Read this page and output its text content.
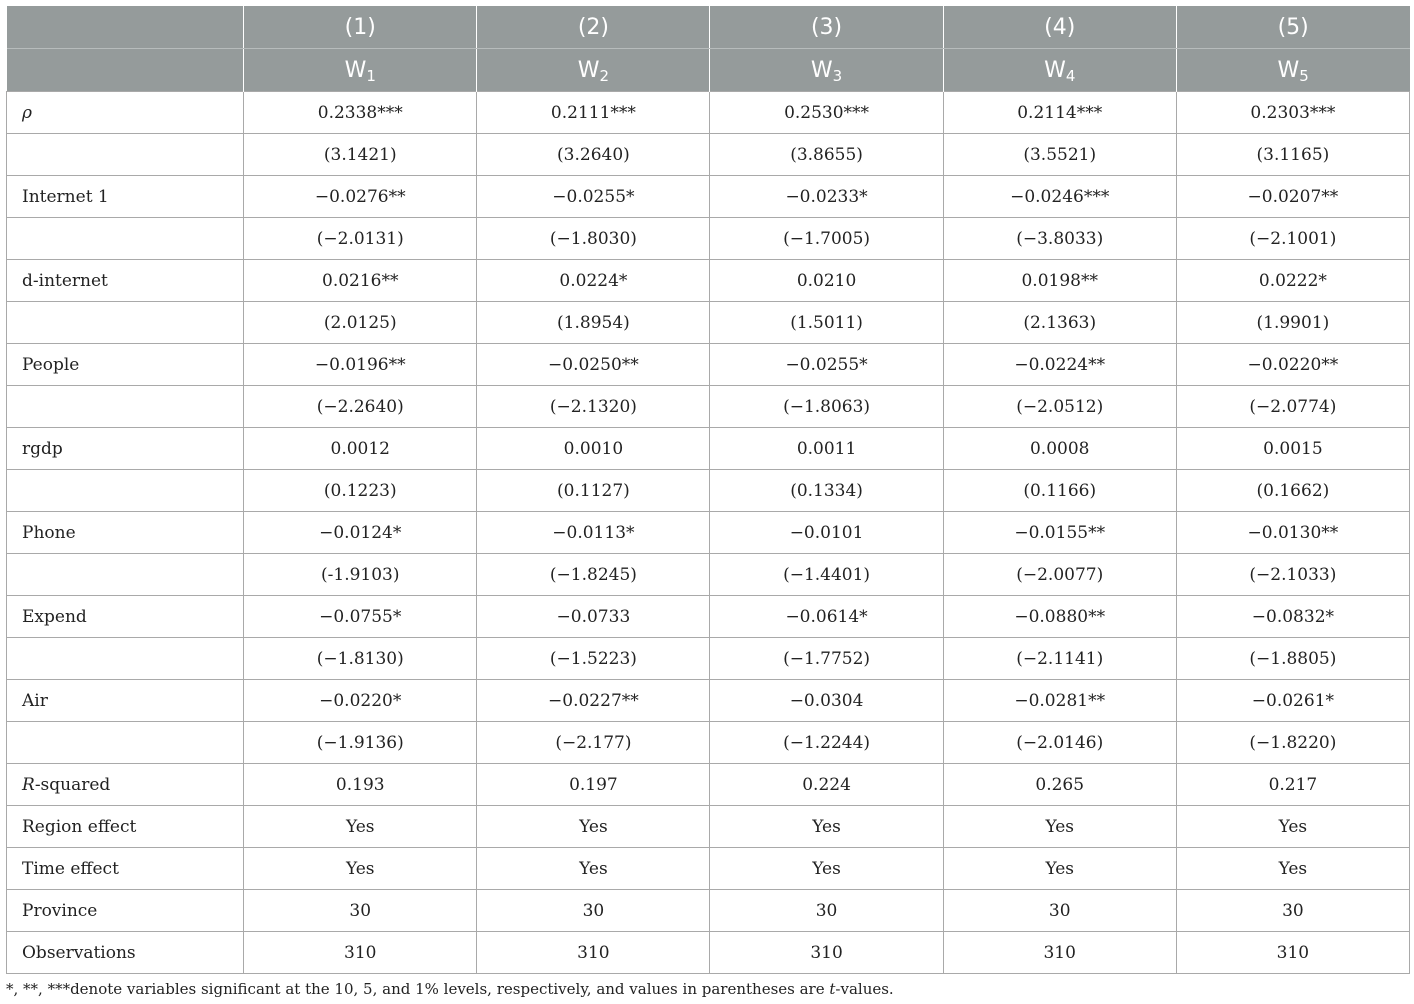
	(1)	(2)	(3)	(4)	(5)
	$W_1$	$W_2$	$W_3$	$W_4$	$W_5$
ρ	0.2338***	0.2111***	0.2530***	0.2114***	0.2303***
	(3.1421)	(3.2640)	(3.8655)	(3.5521)	(3.1165)
Internet 1	−0.0276**	−0.0255*	−0.0233*	−0.0246***	−0.0207**
	(−2.0131)	(−1.8030)	(−1.7005)	(−3.8033)	(−2.1001)
d-internet	0.0216**	0.0224*	0.0210	0.0198**	0.0222*
	(2.0125)	(1.8954)	(1.5011)	(2.1363)	(1.9901)
People	−0.0196**	−0.0250**	−0.0255*	−0.0224**	−0.0220**
	(−2.2640)	(−2.1320)	(−1.8063)	(−2.0512)	(−2.0774)
rgdp	0.0012	0.0010	0.0011	0.0008	0.0015
	(0.1223)	(0.1127)	(0.1334)	(0.1166)	(0.1662)
Phone	−0.0124*	−0.0113*	−0.0101	−0.0155**	−0.0130**
	(-1.9103)	(−1.8245)	(−1.4401)	(−2.0077)	(−2.1033)
Expend	−0.0755*	−0.0733	−0.0614*	−0.0880**	−0.0832*
	(−1.8130)	(−1.5223)	(−1.7752)	(−2.1141)	(−1.8805)
Air	−0.0220*	−0.0227**	−0.0304	−0.0281**	−0.0261*
	(−1.9136)	(−2.177)	(−1.2244)	(−2.0146)	(−1.8220)
R-squared	0.193	0.197	0.224	0.265	0.217
Region effect	Yes	Yes	Yes	Yes	Yes
Time effect	Yes	Yes	Yes	Yes	Yes
Province	30	30	30	30	30
Observations	310	310	310	310	310
*, **, ***denote variables significant at the 10, 5, and 1% levels, respectively, and values in parentheses are t-values.
